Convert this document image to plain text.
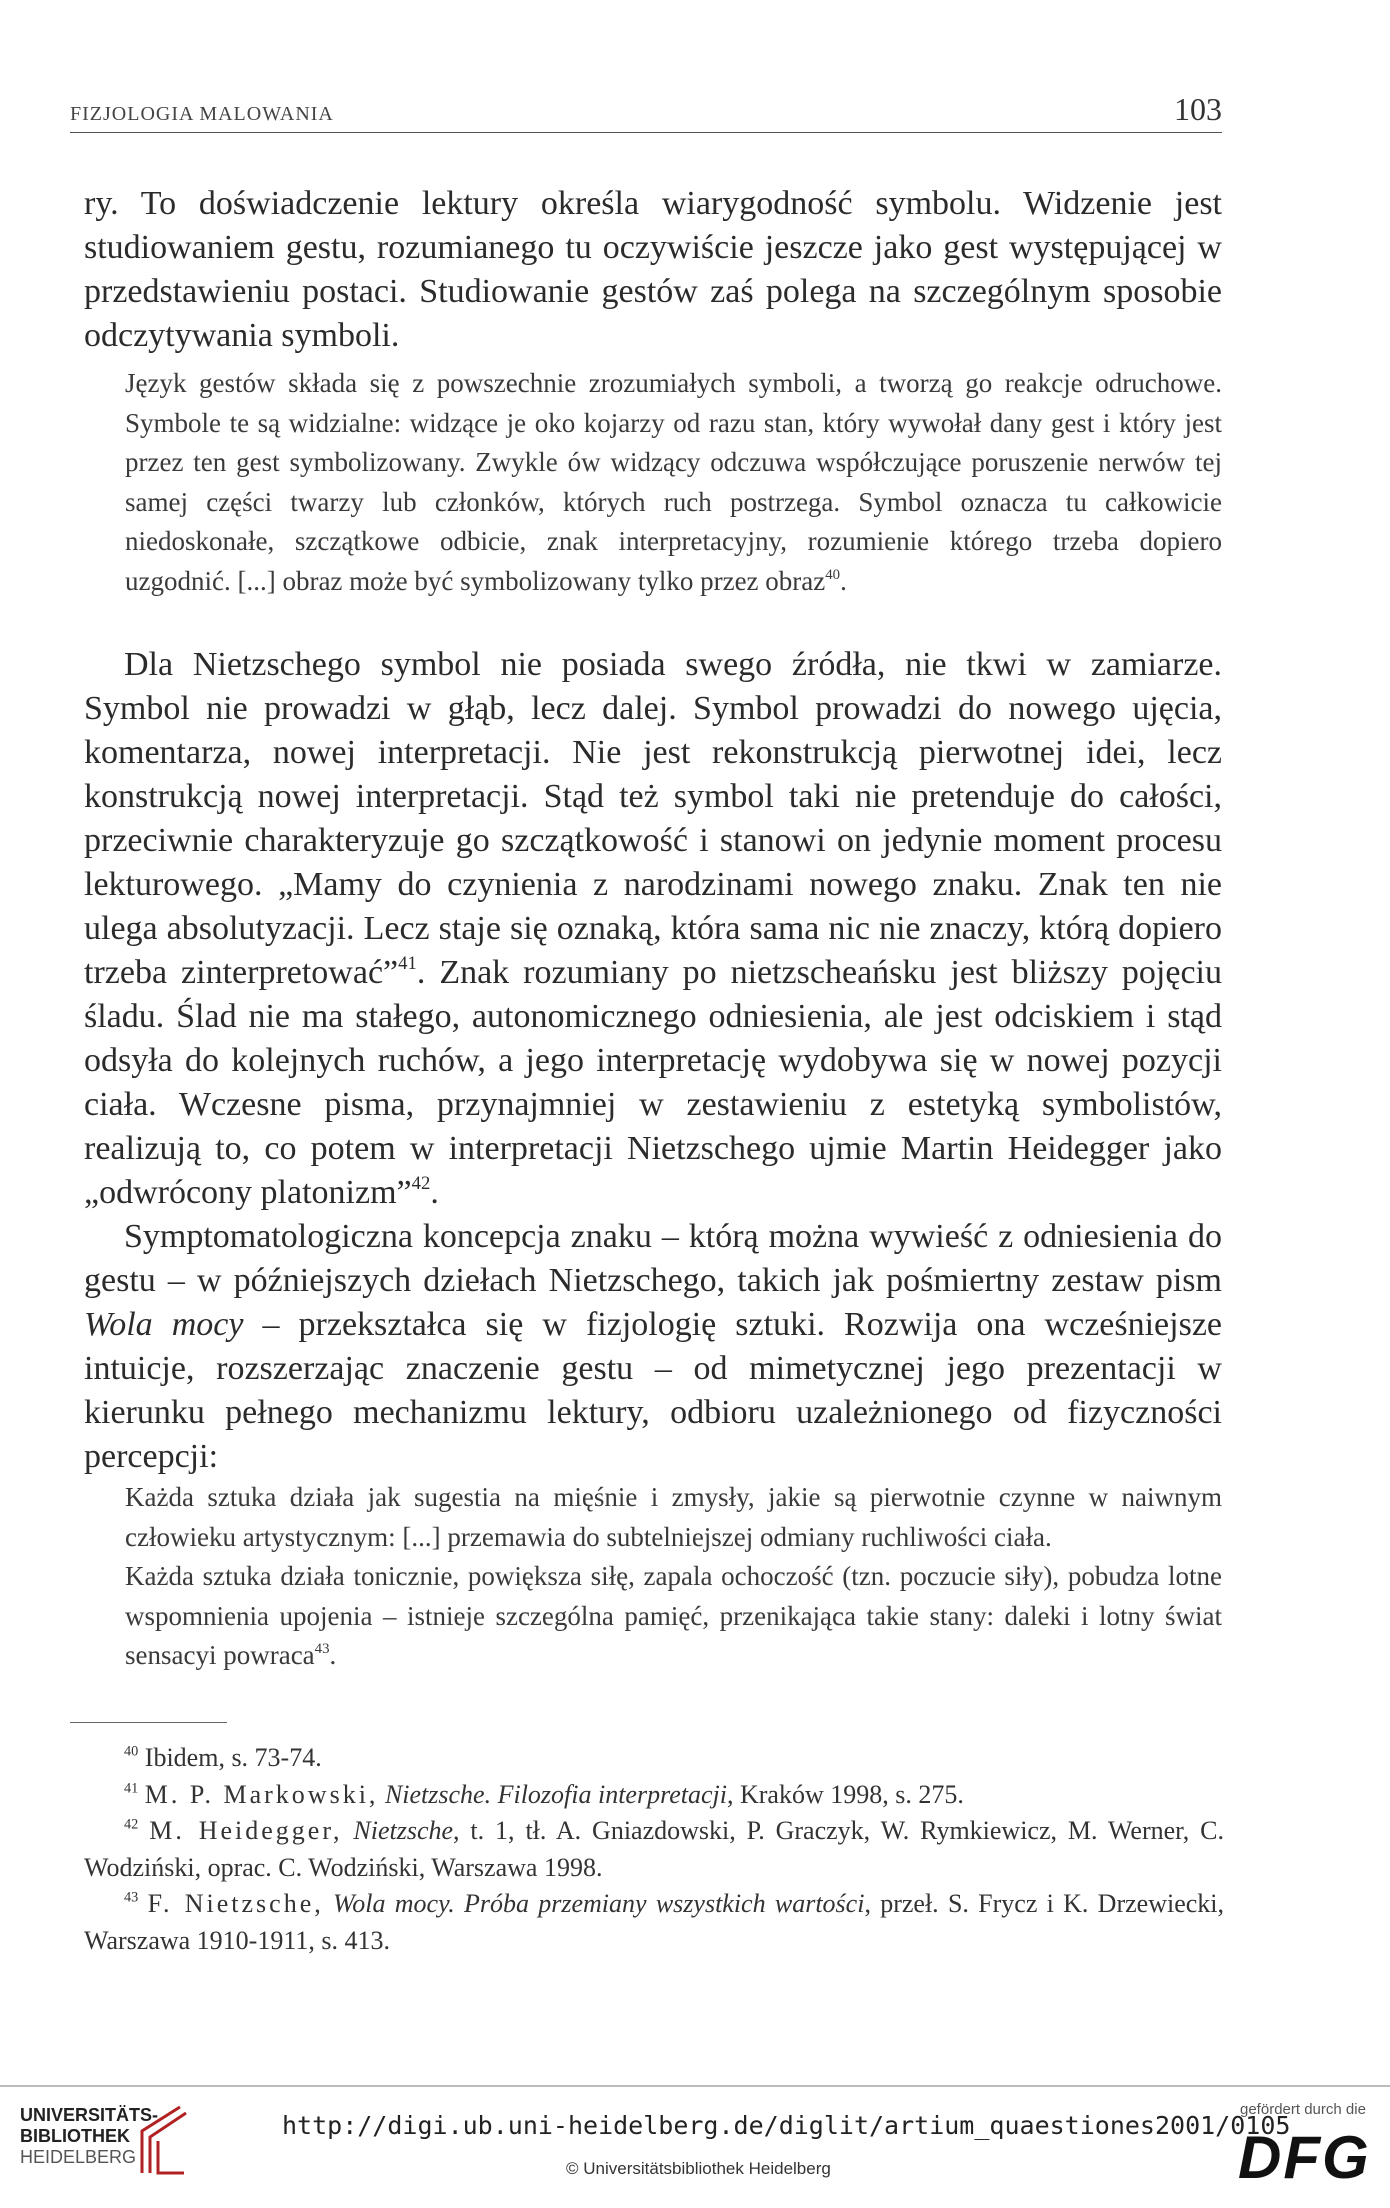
FIZJOLOGIA MALOWANIA	103

ry. To doświadczenie lektury określa wiarygodność symbolu. Widzenie jest studiowaniem gestu, rozumianego tu oczywiście jeszcze jako gest występującej w przedstawieniu postaci. Studiowanie gestów zaś polega na szczególnym sposobie odczytywania symboli.

Język gestów składa się z powszechnie zrozumiałych symboli, a tworzą go reakcje odruchowe. Symbole te są widzialne: widzące je oko kojarzy od razu stan, który wywołał dany gest i który jest przez ten gest symbolizowany. Zwykle ów widzący odczuwa współczujące poruszenie nerwów tej samej części twarzy lub członków, których ruch postrzega. Symbol oznacza tu całkowicie niedoskonałe, szczątkowe odbicie, znak interpretacyjny, rozumienie którego trzeba dopiero uzgodnić. [...] obraz może być symbolizowany tylko przez obraz$^{40}$.

Dla Nietzschego symbol nie posiada swego źródła, nie tkwi w zamiarze. Symbol nie prowadzi w głąb, lecz dalej. Symbol prowadzi do nowego ujęcia, komentarza, nowej interpretacji. Nie jest rekonstrukcją pierwotnej idei, lecz konstrukcją nowej interpretacji. Stąd też symbol taki nie pretenduje do całości, przeciwnie charakteryzuje go szczątkowość i stanowi on jedynie moment procesu lekturowego. „Mamy do czynienia z narodzinami nowego znaku. Znak ten nie ulega absolutyzacji. Lecz staje się oznaką, która sama nic nie znaczy, którą dopiero trzeba zinterpretować”$^{41}$. Znak rozumiany po nietzscheańsku jest bliższy pojęciu śladu. Ślad nie ma stałego, autonomicznego odniesienia, ale jest odciskiem i stąd odsyła do kolejnych ruchów, a jego interpretację wydobywa się w nowej pozycji ciała. Wczesne pisma, przynajmniej w zestawieniu z estetyką symbolistów, realizują to, co potem w interpretacji Nietzschego ujmie Martin Heidegger jako „odwrócony platonizm”$^{42}$.

Symptomatologiczna koncepcja znaku – którą można wywieść z odniesienia do gestu – w późniejszych dziełach Nietzschego, takich jak pośmiertny zestaw pism Wola mocy – przekształca się w fizjologię sztuki. Rozwija ona wcześniejsze intuicje, rozszerzając znaczenie gestu – od mimetycznej jego prezentacji w kierunku pełnego mechanizmu lektury, odbioru uzależnionego od fizyczności percepcji:

Każda sztuka działa jak sugestia na mięśnie i zmysły, jakie są pierwotnie czynne w naiwnym człowieku artystycznym: [...] przemawia do subtelniejszej odmiany ruchliwości ciała.

Każda sztuka działa tonicznie, powiększa siłę, zapala ochoczość (tzn. poczucie siły), pobudza lotne wspomnienia upojenia – istnieje szczególna pamięć, przenikająca takie stany: daleki i lotny świat sensacyi powraca$^{43}$.

$^{40}$ Ibidem, s. 73-74.

$^{41}$ M. P. Markowski, Nietzsche. Filozofia interpretacji, Kraków 1998, s. 275.

$^{42}$ M. Heidegger, Nietzsche, t. 1, tł. A. Gniazdowski, P. Graczyk, W. Rymkiewicz, M. Werner, C. Wodziński, oprac. C. Wodziński, Warszawa 1998.

$^{43}$ F. Nietzsche, Wola mocy. Próba przemiany wszystkich wartości, przeł. S. Frycz i K. Drzewiecki, Warszawa 1910-1911, s. 413.

UNIVERSITÄTS-
BIBLIOTHEK
HEIDELBERG
http://digi.ub.uni-heidelberg.de/diglit/artium_quaestiones2001/0105
© Universitätsbibliothek Heidelberg
gefördert durch die
DFG
